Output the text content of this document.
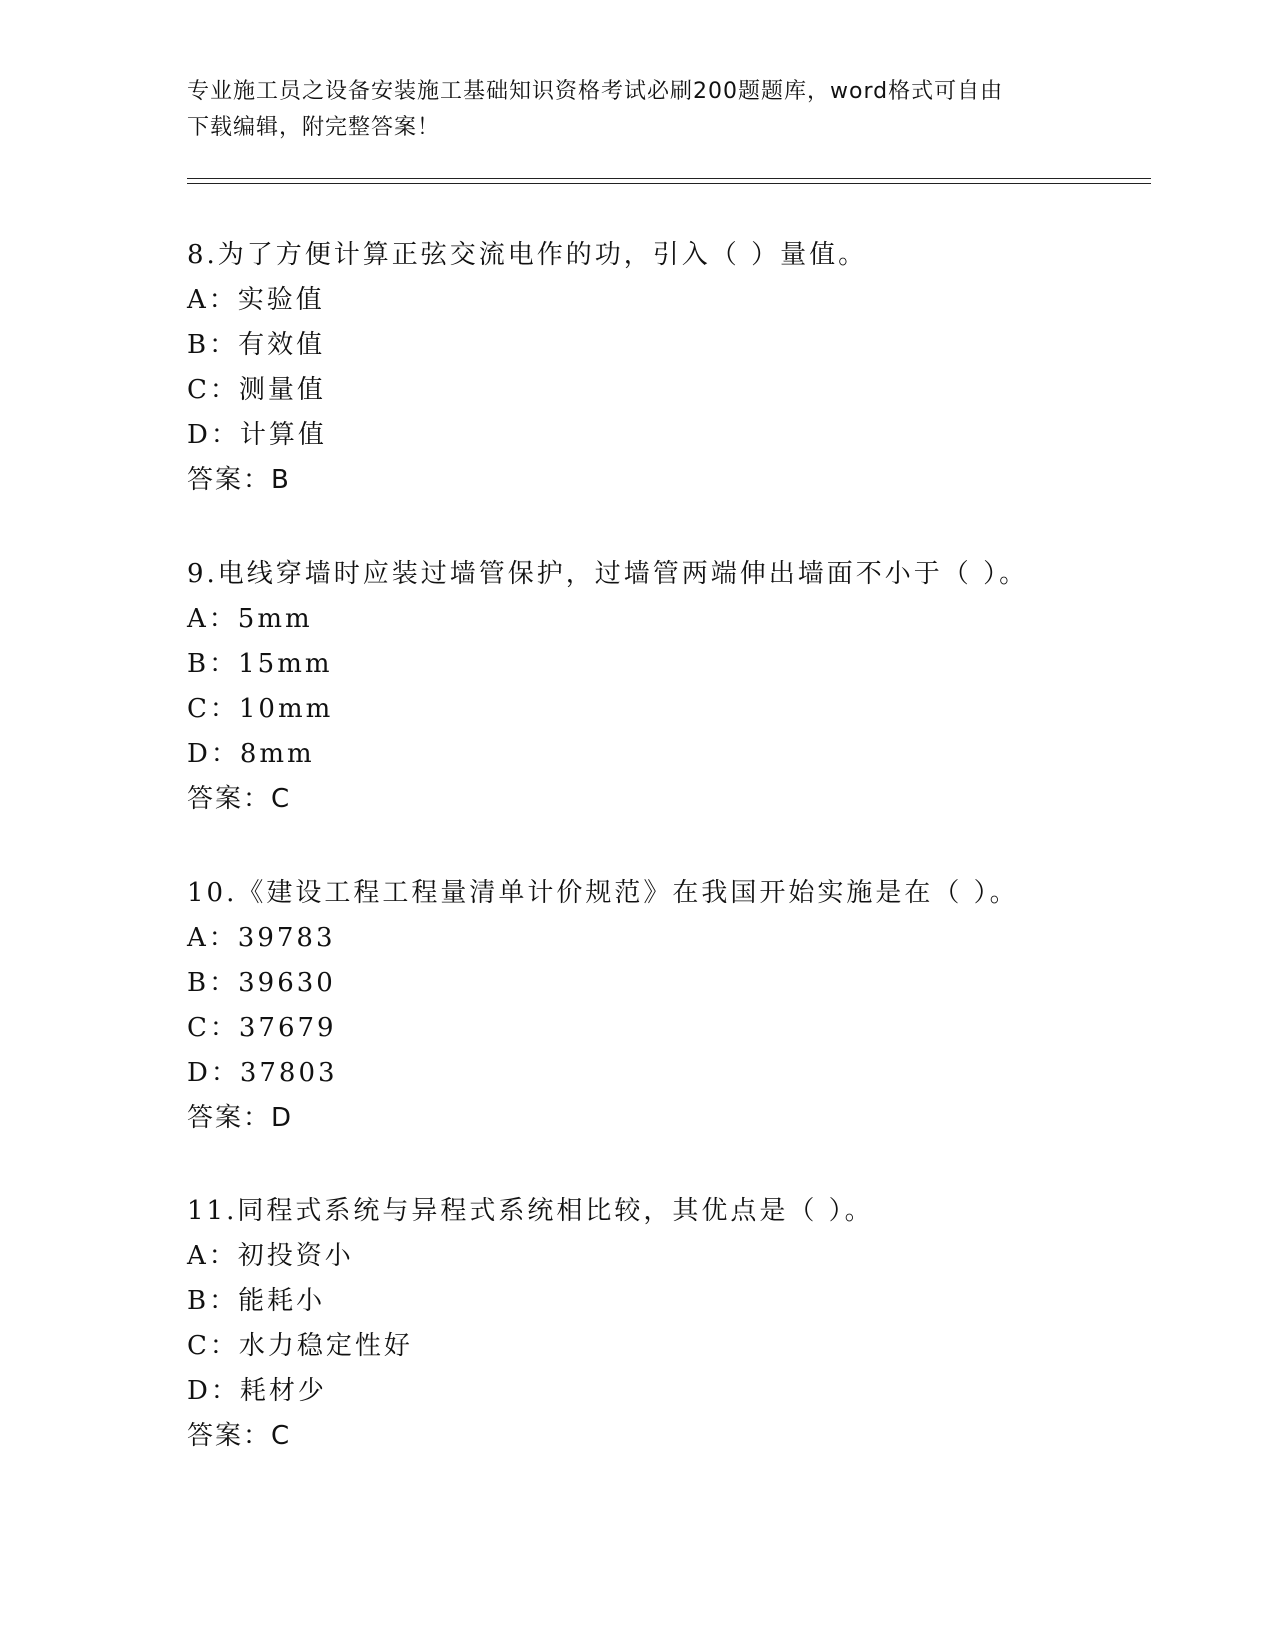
专业施工员之设备安装施工基础知识资格考试必刷200题题库，word格式可自由
下载编辑，附完整答案！
8.为了方便计算正弦交流电作的功，引入（ ）量值。
A：实验值
B：有效值
C：测量值
D：计算值
答案：B
9.电线穿墙时应装过墙管保护，过墙管两端伸出墙面不小于（ ）。
A：5mm
B：15mm
C：10mm
D：8mm
答案：C
10.《建设工程工程量清单计价规范》在我国开始实施是在（ ）。
A：39783
B：39630
C：37679
D：37803
答案：D
11.同程式系统与异程式系统相比较，其优点是（ ）。
A：初投资小
B：能耗小
C：水力稳定性好
D：耗材少
答案：C
